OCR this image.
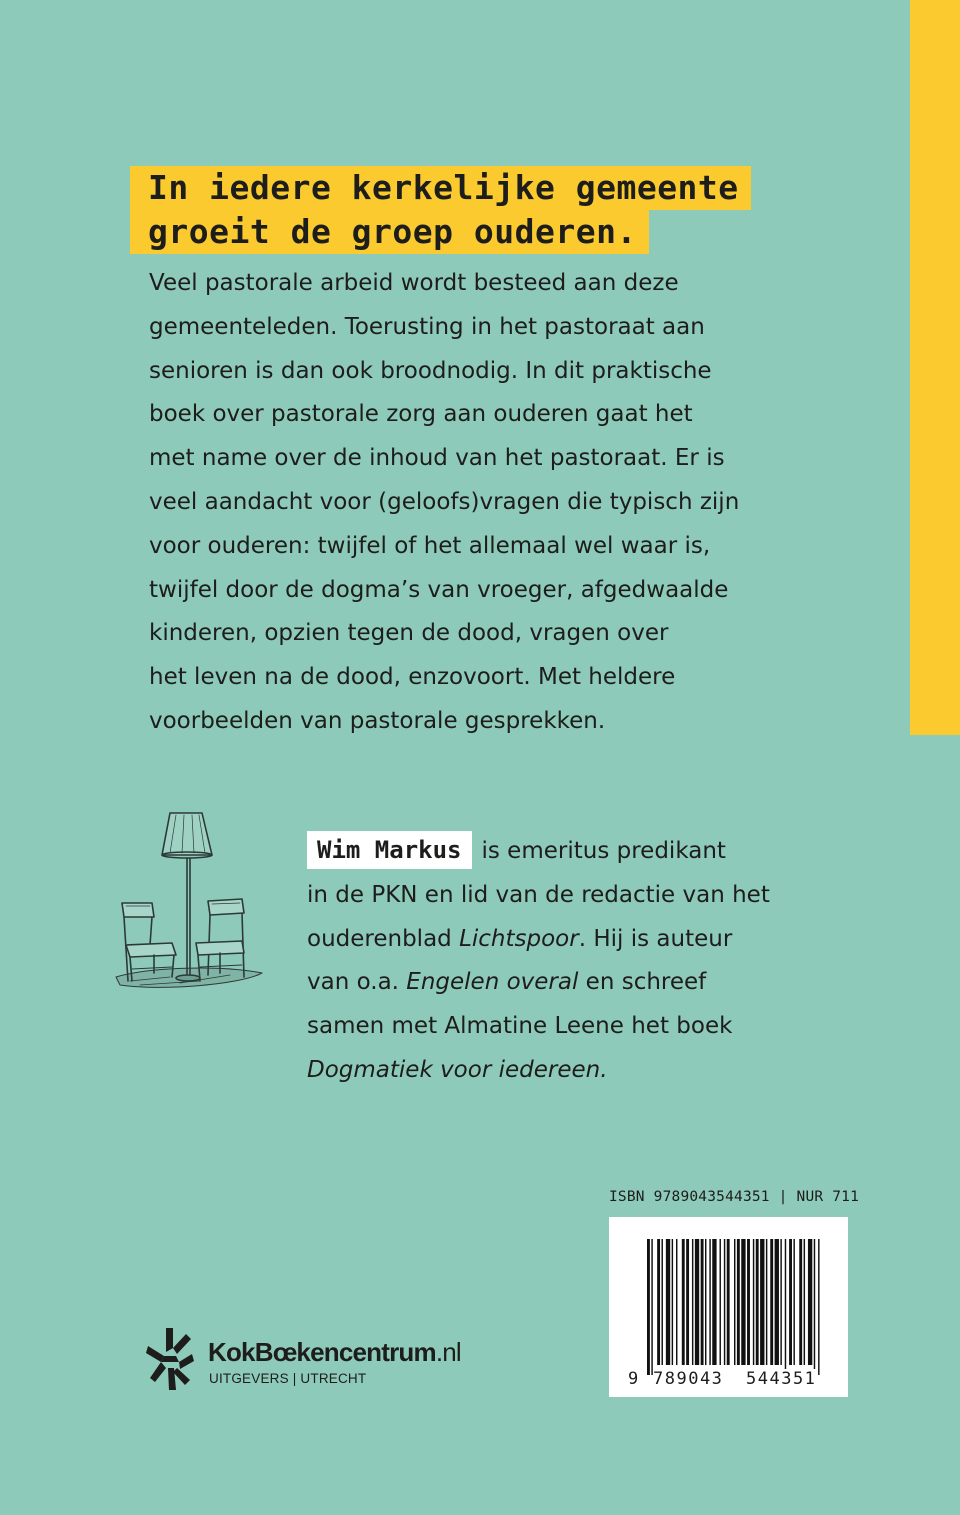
In iedere kerkelijke gemeente
groeit de groep ouderen.

Veel pastorale arbeid wordt besteed aan deze

gemeenteleden. Toerusting in het pastoraat aan

senioren is dan ook broodnodig. In dit praktische

boek over pastorale zorg aan ouderen gaat het

met name over de inhoud van het pastoraat. Er is

veel aandacht voor (geloofs)vragen die typisch zijn

voor ouderen: twijfel of het allemaal wel waar is,

twijfel door de dogma’s van vroeger, afgedwaalde

kinderen, opzien tegen de dood, vragen over

het leven na de dood, enzovoort. Met heldere

voorbeelden van pastorale gesprekken.

Wim Markus is emeritus predikant
in de PKN en lid van de redactie van het
ouderenblad Lichtspoor. Hij is auteur
van o.a. Engelen overal en schreef
samen met Almatine Leene het boek
Dogmatiek voor iedereen.
ISBN 9789043544351 | NUR 711
9 789043 544351
KokBœkencentrum.nl
UITGEVERS | UTRECHT
